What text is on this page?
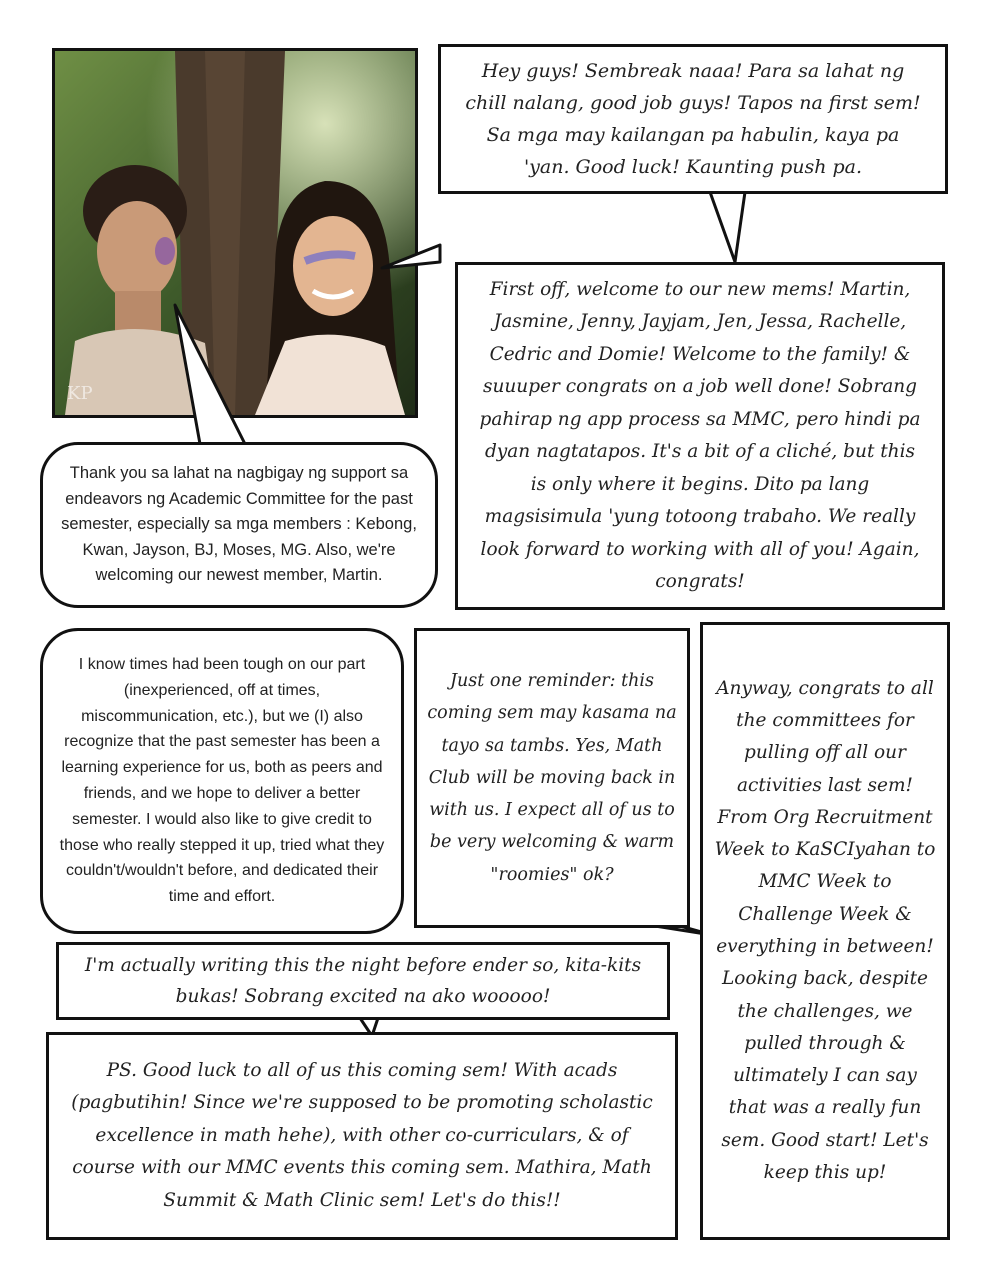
KP

Hey guys! Sembreak naaa! Para sa lahat ng chill nalang, good job guys! Tapos na first sem! Sa mga may kailangan pa habulin, kaya pa 'yan. Good luck! Kaunting push pa.

First off, welcome to our new mems! Martin, Jasmine, Jenny, Jayjam, Jen, Jessa, Rachelle, Cedric and Domie! Welcome to the family! & suuuper congrats on a job well done! Sobrang pahirap ng app process sa MMC, pero hindi pa dyan nagtatapos. It's a bit of a cliché, but this is only where it begins. Dito pa lang magsisimula 'yung totoong trabaho. We really look forward to working with all of you! Again, congrats!

Thank you sa lahat na nagbigay ng support sa endeavors ng Academic Committee for the past semester, especially sa mga members : Kebong, Kwan, Jayson, BJ, Moses, MG. Also, we're welcoming our newest member, Martin.

I know times had been tough on our part (inexperienced, off at times, miscommunication, etc.), but we (I) also recognize that the past semester has been a learning experience for us, both as peers and friends, and we hope to deliver a better semester. I would also like to give credit to those who really stepped it up, tried what they couldn't/wouldn't before, and dedicated their time and effort.

Just one reminder: this coming sem may kasama na tayo sa tambs. Yes, Math Club will be moving back in with us. I expect all of us to be very welcoming & warm "roomies" ok?

Anyway, congrats to all the committees for pulling off all our activities last sem! From Org Recruitment Week to KaSCIyahan to MMC Week to Challenge Week & everything in between! Looking back, despite the challenges, we pulled through & ultimately I can say that was a really fun sem. Good start! Let's keep this up!

I'm actually writing this the night before ender so, kita-kits bukas! Sobrang excited na ako wooooo!

PS. Good luck to all of us this coming sem! With acads (pagbutihin! Since we're supposed to be promoting scholastic excellence in math hehe), with other co-curriculars, & of course with our MMC events this coming sem. Mathira, Math Summit & Math Clinic sem! Let's do this!!
